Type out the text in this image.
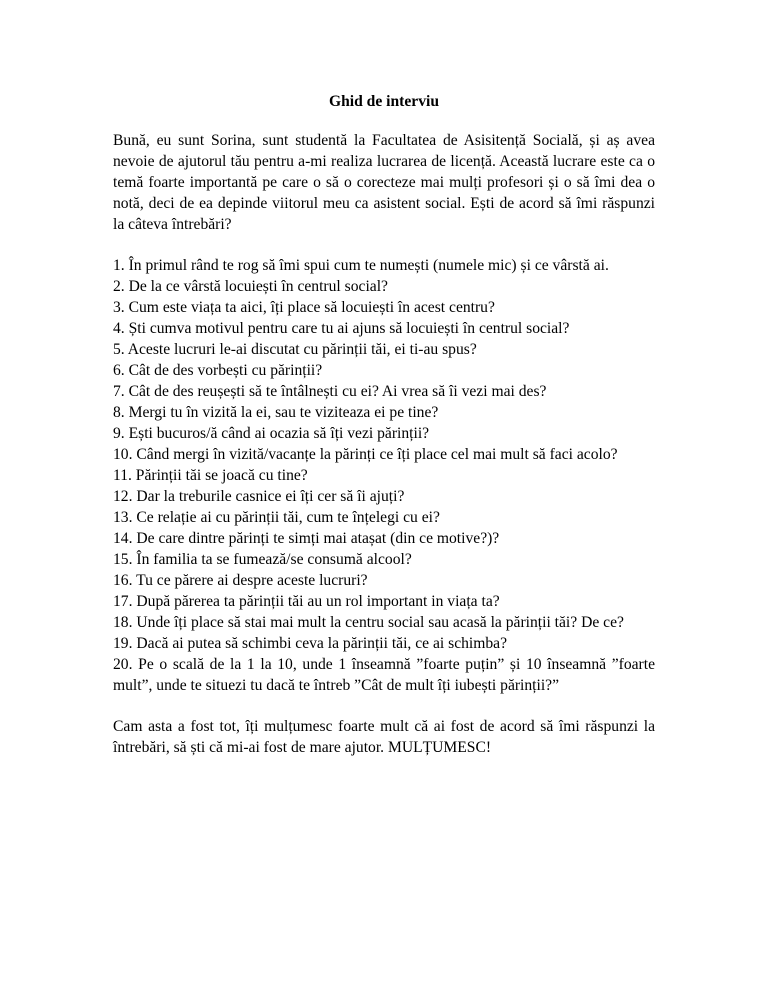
Ghid de interviu

Bună, eu sunt Sorina, sunt studentă la Facultatea de Asisitență Socială, și aș avea nevoie de ajutorul tău pentru a-mi realiza lucrarea de licență. Această lucrare este ca o temă foarte importantă pe care o să o corecteze mai mulți profesori și o să îmi dea o notă, deci de ea depinde viitorul meu ca asistent social. Ești de acord să îmi răspunzi la câteva întrebări?

1. În primul rând te rog să îmi spui cum te numești (numele mic) și ce vârstă ai.
2. De la ce vârstă locuiești în centrul social?
3. Cum este viața ta aici, îți place să locuiești în acest centru?
4. Ști cumva motivul pentru care tu ai ajuns să locuiești în centrul social?
5. Aceste lucruri le-ai discutat cu părinții tăi, ei ti-au spus?
6. Cât de des vorbești cu părinții?
7. Cât de des reușești să te întâlnești cu ei? Ai vrea să îi vezi mai des?
8. Mergi tu în vizită la ei, sau te viziteaza ei pe tine?
9. Ești bucuros/ă când ai ocazia să îți vezi părinții?
10. Când mergi în vizită/vacanțe la părinți ce îți place cel mai mult să faci acolo?
11. Părinții tăi se joacă cu tine?
12. Dar la treburile casnice ei îți cer să îi ajuți?
13. Ce relație ai cu părinții tăi, cum te înțelegi cu ei?
14. De care dintre părinți te simți mai atașat (din ce motive?)?
15. În familia ta se fumează/se consumă alcool?
16. Tu ce părere ai despre aceste lucruri?
17. După părerea ta părinții tăi au un rol important in viața ta?
18. Unde îți place să stai mai mult la centru social sau acasă la părinții tăi? De ce?
19. Dacă ai putea să schimbi ceva la părinții tăi, ce ai schimba?
20. Pe o scală de la 1 la 10, unde 1 înseamnă ”foarte puțin” și 10 înseamnă ”foarte mult”, unde te situezi tu dacă te întreb ”Cât de mult îți iubești părinții?”

Cam asta a fost tot, îți mulțumesc foarte mult că ai fost de acord să îmi răspunzi la întrebări, să ști că mi-ai fost de mare ajutor. MULȚUMESC!
